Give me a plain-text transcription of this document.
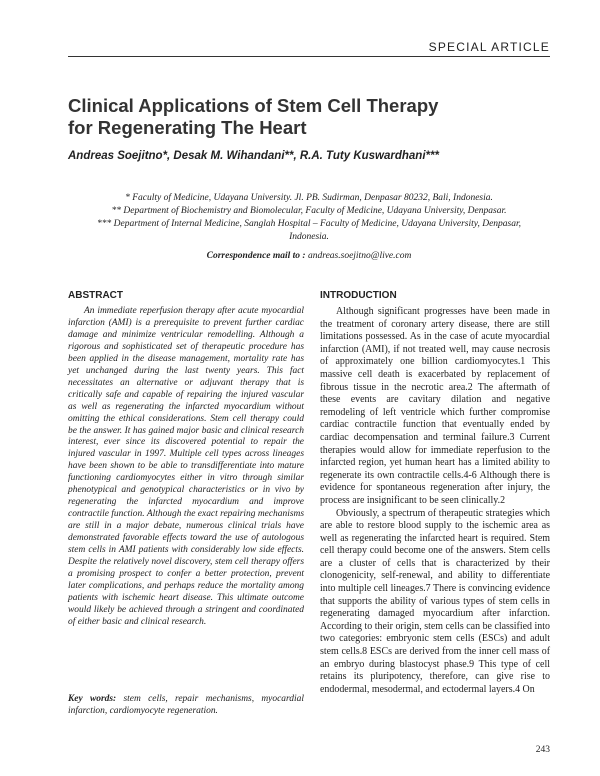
SPECIAL ARTICLE
Clinical Applications of Stem Cell Therapy
for Regenerating The Heart
Andreas Soejitno*, Desak M. Wihandani**, R.A. Tuty Kuswardhani***
* Faculty of Medicine, Udayana University. Jl. PB. Sudirman, Denpasar 80232, Bali, Indonesia.
** Department of Biochemistry and Biomolecular, Faculty of Medicine, Udayana University, Denpasar.
*** Department of Internal Medicine, Sanglah Hospital – Faculty of Medicine, Udayana University, Denpasar, Indonesia.
Correspondence mail to : andreas.soejitno@live.com
ABSTRACT
An immediate reperfusion therapy after acute myocardial infarction (AMI) is a prerequisite to prevent further cardiac damage and minimize ventricular remodelling. Although a rigorous and sophisticated set of therapeutic procedure has been applied in the disease management, mortality rate has yet unchanged during the last twenty years. This fact necessitates an alternative or adjuvant therapy that is critically safe and capable of repairing the injured vascular as well as regenerating the infarcted myocardium without omitting the ethical considerations. Stem cell therapy could be the answer. It has gained major basic and clinical research interest, ever since its discovered potential to repair the injured vascular in 1997. Multiple cell types across lineages have been shown to be able to transdifferentiate into mature functioning cardiomyocytes either in vitro through similar phenotypical and genotypical characteristics or in vivo by regenerating the infarcted myocardium and improve contractile function. Although the exact repairing mechanisms are still in a major debate, numerous clinical trials have demonstrated favorable effects toward the use of autologous stem cells in AMI patients with considerably low side effects. Despite the relatively novel discovery, stem cell therapy offers a promising prospect to confer a better protection, prevent later complications, and perhaps reduce the mortality among patients with ischemic heart disease. This ultimate outcome would likely be achieved through a stringent and coordinated of either basic and clinical research.
Key words: stem cells, repair mechanisms, myocardial infarction, cardiomyocyte regeneration.
INTRODUCTION

Although significant progresses have been made in the treatment of coronary artery disease, there are still limitations possessed. As in the case of acute myocardial infarction (AMI), if not treated well, may cause necrosis of approximately one billion cardiomyocytes.1 This massive cell death is exacerbated by replacement of fibrous tissue in the necrotic area.2 The aftermath of these events are cavitary dilation and negative remodeling of left ventricle which further compromise cardiac contractile function that eventually ended by cardiac decompensation and terminal failure.3 Current therapies would allow for immediate reperfusion to the infarcted region, yet human heart has a limited ability to regenerate its own contractile cells.4-6 Although there is evidence for spontaneous regeneration after injury, the process are insignificant to be seen clinically.2

Obviously, a spectrum of therapeutic strategies which are able to restore blood supply to the ischemic area as well as regenerating the infarcted heart is required. Stem cell therapy could become one of the answers. Stem cells are a cluster of cells that is characterized by their clonogenicity, self-renewal, and ability to differentiate into multiple cell lineages.7 There is convincing evidence that supports the ability of various types of stem cells in regenerating damaged myocardium after infarction. According to their origin, stem cells can be classified into two categories: embryonic stem cells (ESCs) and adult stem cells.8 ESCs are derived from the inner cell mass of an embryo during blastocyst phase.9 This type of cell retains its pluripotency, therefore, can give rise to endodermal, mesodermal, and ectodermal layers.4 On

243
